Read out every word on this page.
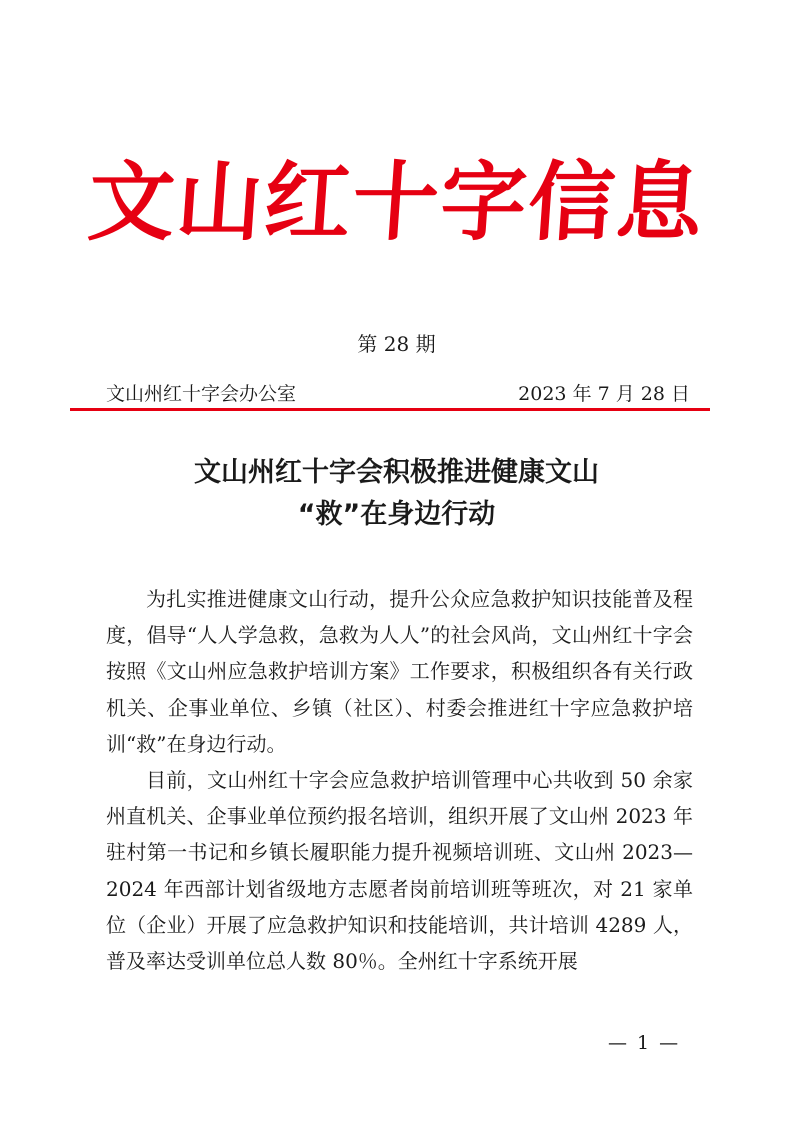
文山红十字信息
第 28 期
文山州红十字会办公室	2023 年 7 月 28 日
文山州红十字会积极推进健康文山
“救”在身边行动

为扎实推进健康文山行动，提升公众应急救护知识技能普及程度，倡导“人人学急救，急救为人人”的社会风尚，文山州红十字会按照《文山州应急救护培训方案》工作要求，积极组织各有关行政机关、企事业单位、乡镇（社区）、村委会推进红十字应急救护培训“救”在身边行动。

目前，文山州红十字会应急救护培训管理中心共收到 50 余家州直机关、企事业单位预约报名培训，组织开展了文山州 2023 年驻村第一书记和乡镇长履职能力提升视频培训班、文山州 2023—2024 年西部计划省级地方志愿者岗前培训班等班次，对 21 家单位（企业）开展了应急救护知识和技能培训，共计培训 4289 人，普及率达受训单位总人数 80％。全州红十字系统开展

— 1 —
